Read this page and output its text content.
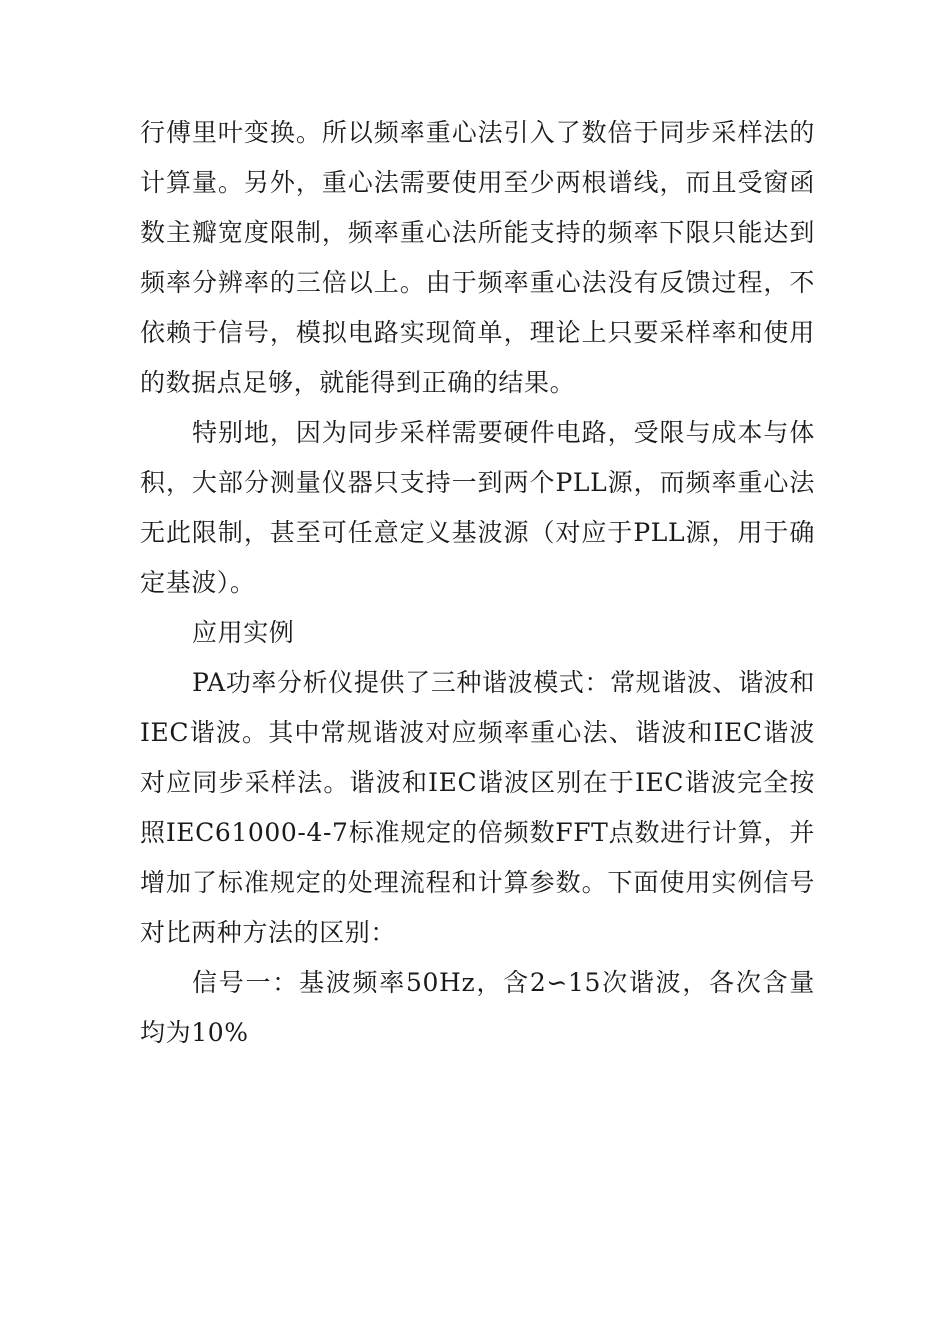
行傅里叶变换。所以频率重心法引入了数倍于同步采样法的计算量。另外，重心法需要使用至少两根谱线，而且受窗函数主瓣宽度限制，频率重心法所能支持的频率下限只能达到频率分辨率的三倍以上。由于频率重心法没有反馈过程，不依赖于信号，模拟电路实现简单，理论上只要采样率和使用的数据点足够，就能得到正确的结果。

特别地，因为同步采样需要硬件电路，受限与成本与体积，大部分测量仪器只支持一到两个PLL源，而频率重心法无此限制，甚至可任意定义基波源（对应于PLL源，用于确定基波）。

应用实例

PA功率分析仪提供了三种谐波模式：常规谐波、谐波和IEC谐波。其中常规谐波对应频率重心法、谐波和IEC谐波对应同步采样法。谐波和IEC谐波区别在于IEC谐波完全按照IEC61000-4-7标准规定的倍频数FFT点数进行计算，并增加了标准规定的处理流程和计算参数。下面使用实例信号对比两种方法的区别：

信号一：基波频率50Hz，含2∽15次谐波，各次含量均为10%
